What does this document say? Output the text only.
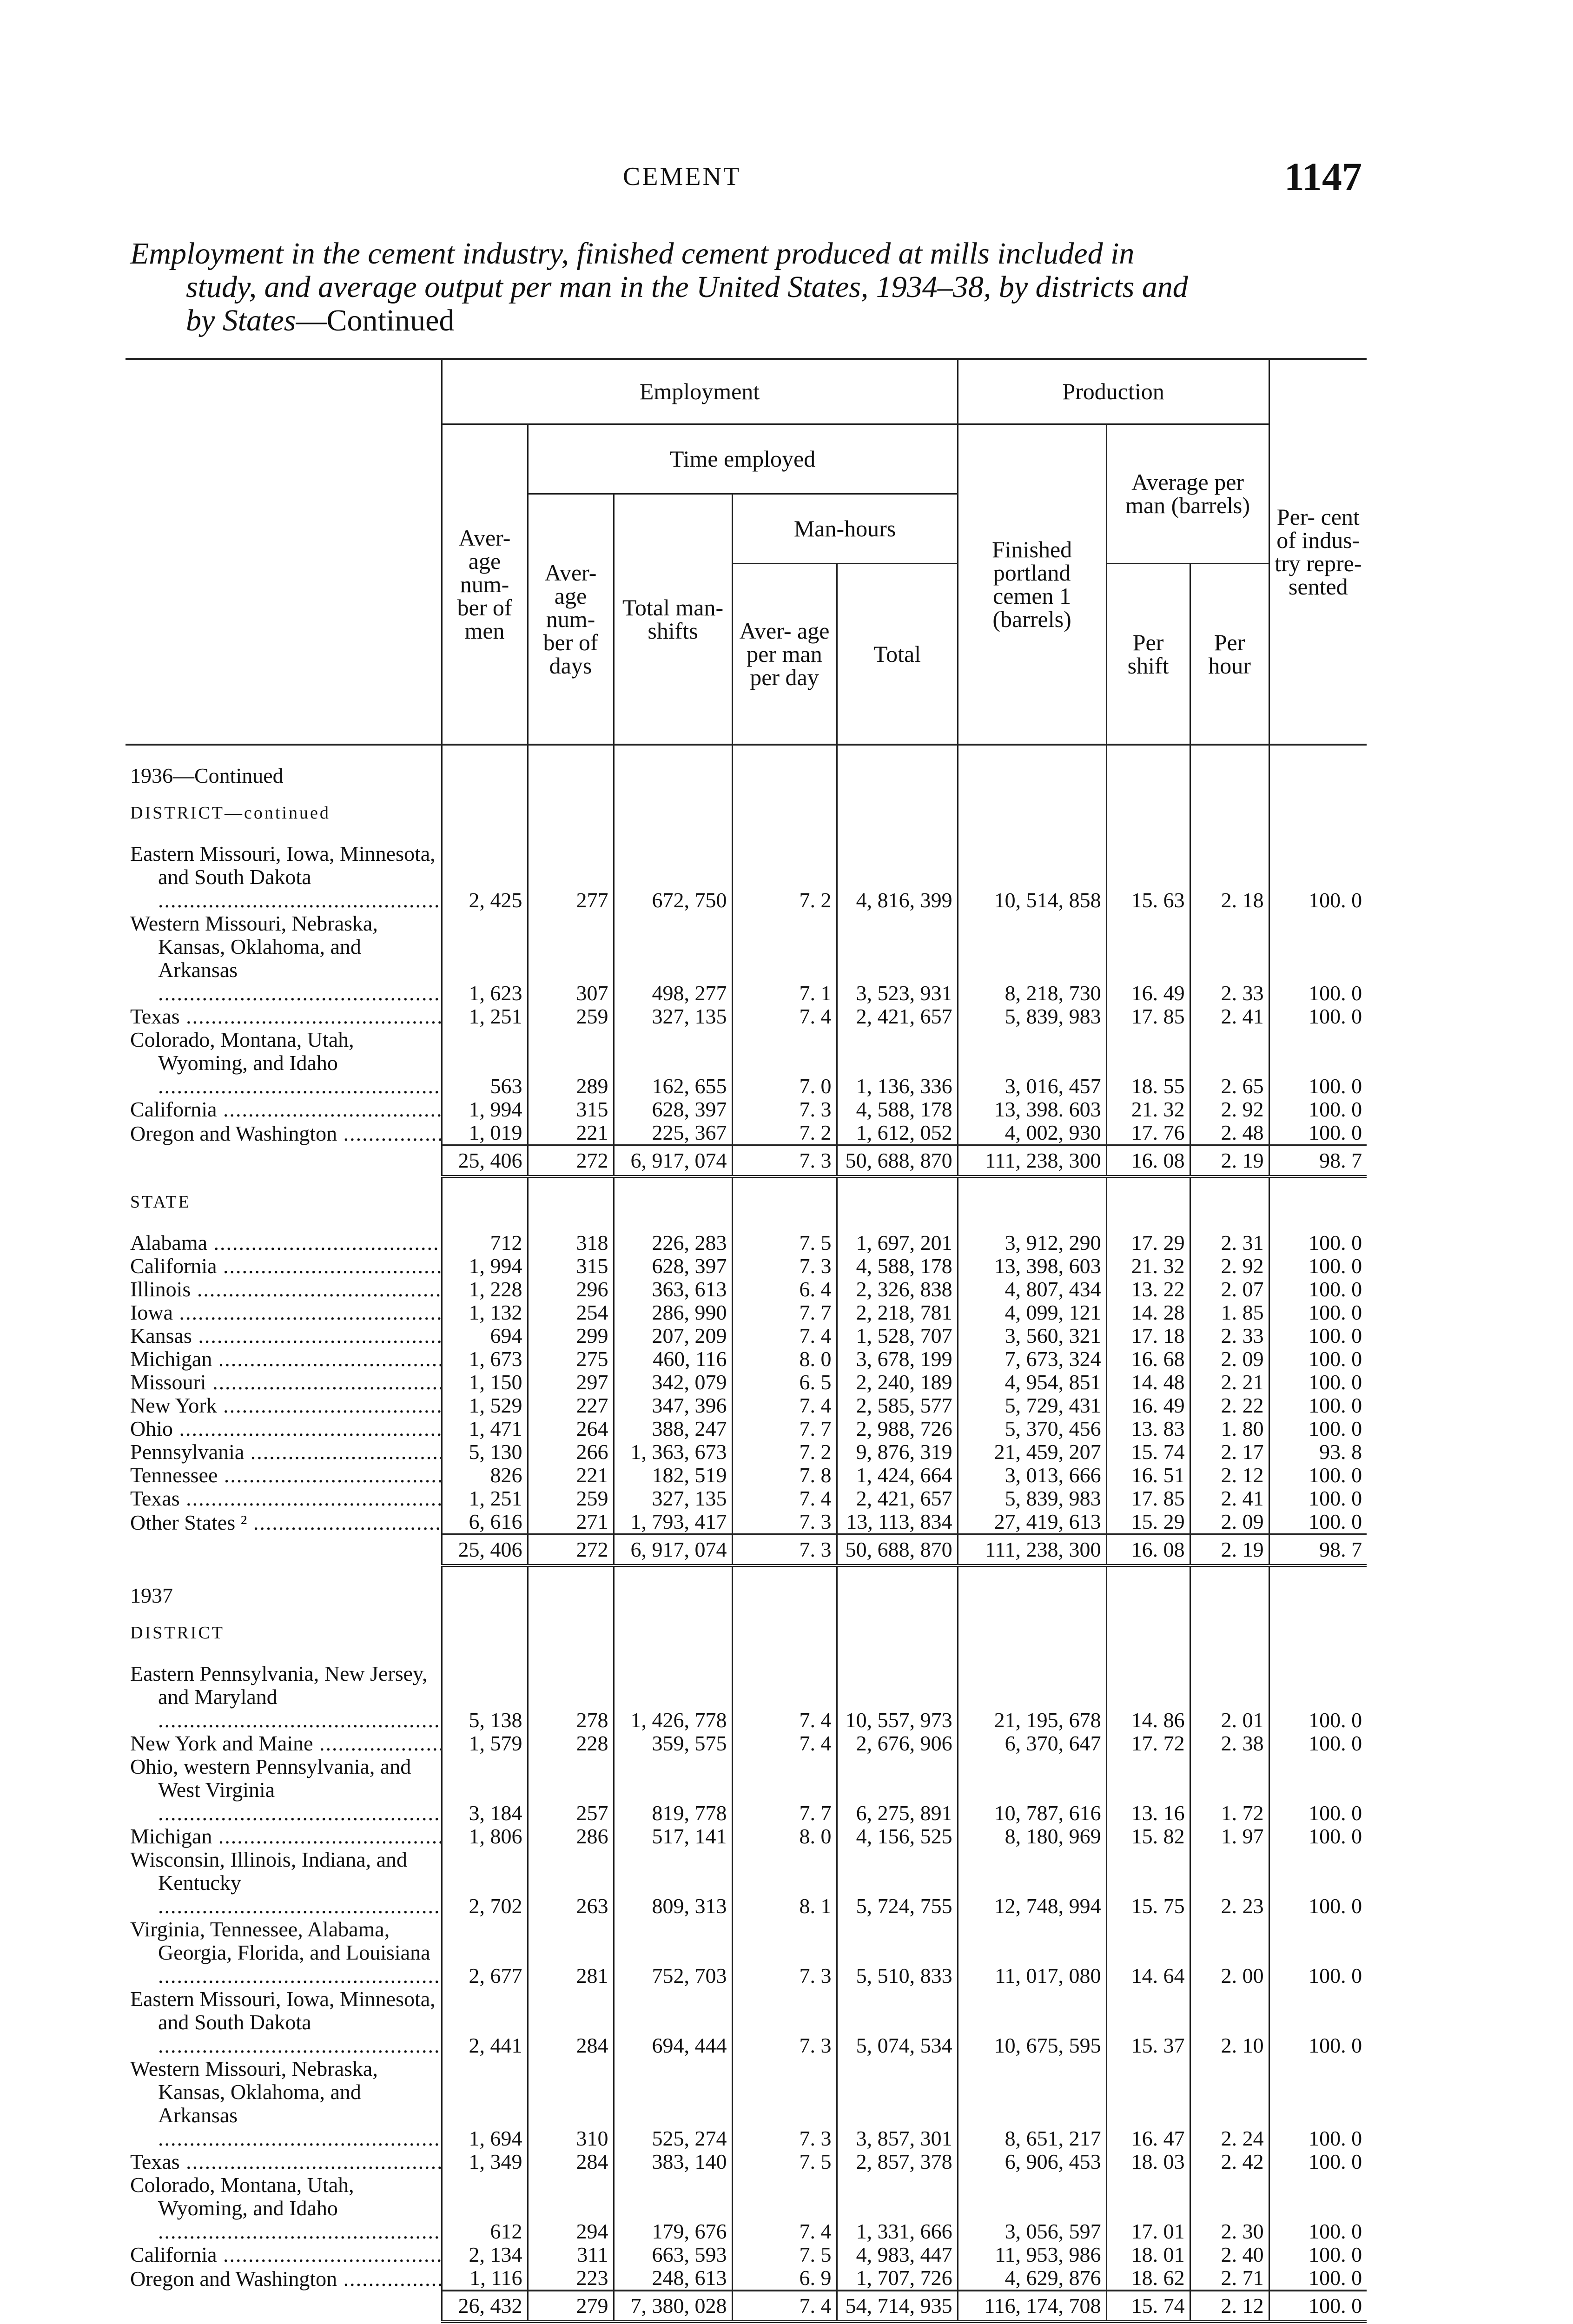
CEMENT	1147
Employment in the cement industry, finished cement produced at mills included in
study, and average output per man in the United States, 1934–38, by districts and
by States—Continued
	Employment					Production			Per- cent of indus- try repre- sented
	Aver- age num- ber of men	Time employed				Finished portland cemen 1 (barrels)	Average per man (barrels)		
		Aver- age num- ber of days	Total man- shifts	Man-hours					
				Aver- age per man per day	Total		Per shift	Per hour	
1936—Continued									
DISTRICT—continued									

Eastern Missouri, Iowa, Minnesota, and South Dakota .....	2, 425	277	672, 750	7. 2	4, 816, 399	10, 514, 858	15. 63	2. 18	100. 0
Western Missouri, Nebraska, Kansas, Oklahoma, and Arkansas .....	1, 623	307	498, 277	7. 1	3, 523, 931	8, 218, 730	16. 49	2. 33	100. 0
Texas .....	1, 251	259	327, 135	7. 4	2, 421, 657	5, 839, 983	17. 85	2. 41	100. 0
Colorado, Montana, Utah, Wyoming, and Idaho .....	563	289	162, 655	7. 0	1, 136, 336	3, 016, 457	18. 55	2. 65	100. 0
California .....	1, 994	315	628, 397	7. 3	4, 588, 178	13, 398. 603	21. 32	2. 92	100. 0
Oregon and Washington .....	1, 019	221	225, 367	7. 2	1, 612, 052	4, 002, 930	17. 76	2. 48	100. 0
	25, 406	272	6, 917, 074	7. 3	50, 688, 870	111, 238, 300	16. 08	2. 19	98. 7
STATE									

Alabama .....	712	318	226, 283	7. 5	1, 697, 201	3, 912, 290	17. 29	2. 31	100. 0
California .....	1, 994	315	628, 397	7. 3	4, 588, 178	13, 398, 603	21. 32	2. 92	100. 0
Illinois .....	1, 228	296	363, 613	6. 4	2, 326, 838	4, 807, 434	13. 22	2. 07	100. 0
Iowa .....	1, 132	254	286, 990	7. 7	2, 218, 781	4, 099, 121	14. 28	1. 85	100. 0
Kansas .....	694	299	207, 209	7. 4	1, 528, 707	3, 560, 321	17. 18	2. 33	100. 0
Michigan .....	1, 673	275	460, 116	8. 0	3, 678, 199	7, 673, 324	16. 68	2. 09	100. 0
Missouri .....	1, 150	297	342, 079	6. 5	2, 240, 189	4, 954, 851	14. 48	2. 21	100. 0
New York .....	1, 529	227	347, 396	7. 4	2, 585, 577	5, 729, 431	16. 49	2. 22	100. 0
Ohio .....	1, 471	264	388, 247	7. 7	2, 988, 726	5, 370, 456	13. 83	1. 80	100. 0
Pennsylvania .....	5, 130	266	1, 363, 673	7. 2	9, 876, 319	21, 459, 207	15. 74	2. 17	93. 8
Tennessee .....	826	221	182, 519	7. 8	1, 424, 664	3, 013, 666	16. 51	2. 12	100. 0
Texas .....	1, 251	259	327, 135	7. 4	2, 421, 657	5, 839, 983	17. 85	2. 41	100. 0
Other States ² .....	6, 616	271	1, 793, 417	7. 3	13, 113, 834	27, 419, 613	15. 29	2. 09	100. 0
	25, 406	272	6, 917, 074	7. 3	50, 688, 870	111, 238, 300	16. 08	2. 19	98. 7
1937									
DISTRICT									

Eastern Pennsylvania, New Jersey, and Maryland .....	5, 138	278	1, 426, 778	7. 4	10, 557, 973	21, 195, 678	14. 86	2. 01	100. 0
New York and Maine .....	1, 579	228	359, 575	7. 4	2, 676, 906	6, 370, 647	17. 72	2. 38	100. 0
Ohio, western Pennsylvania, and West Virginia .....	3, 184	257	819, 778	7. 7	6, 275, 891	10, 787, 616	13. 16	1. 72	100. 0
Michigan .....	1, 806	286	517, 141	8. 0	4, 156, 525	8, 180, 969	15. 82	1. 97	100. 0
Wisconsin, Illinois, Indiana, and Kentucky .....	2, 702	263	809, 313	8. 1	5, 724, 755	12, 748, 994	15. 75	2. 23	100. 0
Virginia, Tennessee, Alabama, Georgia, Florida, and Louisiana .....	2, 677	281	752, 703	7. 3	5, 510, 833	11, 017, 080	14. 64	2. 00	100. 0
Eastern Missouri, Iowa, Minnesota, and South Dakota .....	2, 441	284	694, 444	7. 3	5, 074, 534	10, 675, 595	15. 37	2. 10	100. 0
Western Missouri, Nebraska, Kansas, Oklahoma, and Arkansas .....	1, 694	310	525, 274	7. 3	3, 857, 301	8, 651, 217	16. 47	2. 24	100. 0
Texas .....	1, 349	284	383, 140	7. 5	2, 857, 378	6, 906, 453	18. 03	2. 42	100. 0
Colorado, Montana, Utah, Wyoming, and Idaho .....	612	294	179, 676	7. 4	1, 331, 666	3, 056, 597	17. 01	2. 30	100. 0
California .....	2, 134	311	663, 593	7. 5	4, 983, 447	11, 953, 986	18. 01	2. 40	100. 0
Oregon and Washington .....	1, 116	223	248, 613	6. 9	1, 707, 726	4, 629, 876	18. 62	2. 71	100. 0
	26, 432	279	7, 380, 028	7. 4	54, 714, 935	116, 174, 708	15. 74	2. 12	100. 0
